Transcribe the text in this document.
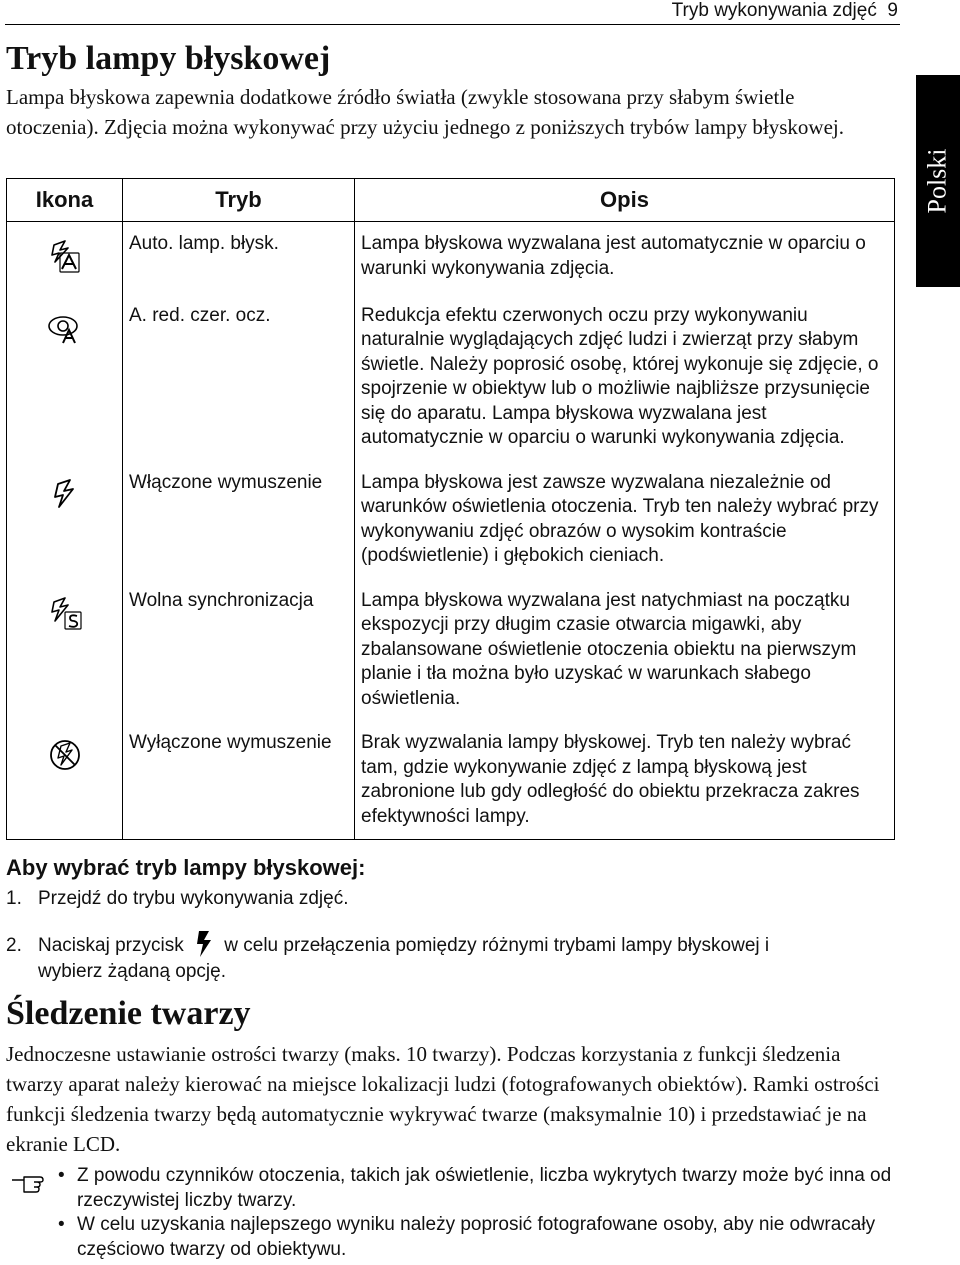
Tryb wykonywania zdjęć 9
Polski
Tryb lampy błyskowej

Lampa błyskowa zapewnia dodatkowe źródło światła (zwykle stosowana przy słabym świetle otoczenia). Zdjęcia można wykonywać przy użyciu jednego z poniższych trybów lampy błyskowej.

Ikona	Tryb	Opis
	Auto. lamp. błysk.	Lampa błyskowa wyzwalana jest automatycznie w oparciu o warunki wykonywania zdjęcia.
	A. red. czer. ocz.	Redukcja efektu czerwonych oczu przy wykonywaniu naturalnie wyglądających zdjęć ludzi i zwierząt przy słabym świetle. Należy poprosić osobę, której wykonuje się zdjęcie, o spojrzenie w obiektyw lub o możliwie najbliższe przysunięcie się do aparatu. Lampa błyskowa wyzwalana jest automatycznie w oparciu o warunki wykonywania zdjęcia.
	Włączone wymuszenie	Lampa błyskowa jest zawsze wyzwalana niezależnie od warunków oświetlenia otoczenia. Tryb ten należy wybrać przy wykonywaniu zdjęć obrazów o wysokim kontraście (podświetlenie) i głębokich cieniach.
	Wolna synchronizacja	Lampa błyskowa wyzwalana jest natychmiast na początku ekspozycji przy długim czasie otwarcia migawki, aby zbalansowane oświetlenie otoczenia obiektu na pierwszym planie i tła można było uzyskać w warunkach słabego oświetlenia.
	Wyłączone wymuszenie	Brak wyzwalania lampy błyskowej. Tryb ten należy wybrać tam, gdzie wykonywanie zdjęć z lampą błyskową jest zabronione lub gdy odległość do obiektu przekracza zakres efektywności lampy.
Aby wybrać tryb lampy błyskowej:

1. Przejdź do trybu wykonywania zdjęć.

2. Naciskaj przycisk w celu przełączenia pomiędzy różnymi trybami lampy błyskowej i
wybierz żądaną opcję.

Śledzenie twarzy

Jednoczesne ustawianie ostrości twarzy (maks. 10 twarzy). Podczas korzystania z funkcji śledzenia twarzy aparat należy kierować na miejsce lokalizacji ludzi (fotografowanych obiektów). Ramki ostrości funkcji śledzenia twarzy będą automatycznie wykrywać twarze (maksymalnie 10) i przedstawiać je na ekranie LCD.

• Z powodu czynników otoczenia, takich jak oświetlenie, liczba wykrytych twarzy może być inna od rzeczywistej liczby twarzy.
• W celu uzyskania najlepszego wyniku należy poprosić fotografowane osoby, aby nie odwracały częściowo twarzy od obiektywu.
